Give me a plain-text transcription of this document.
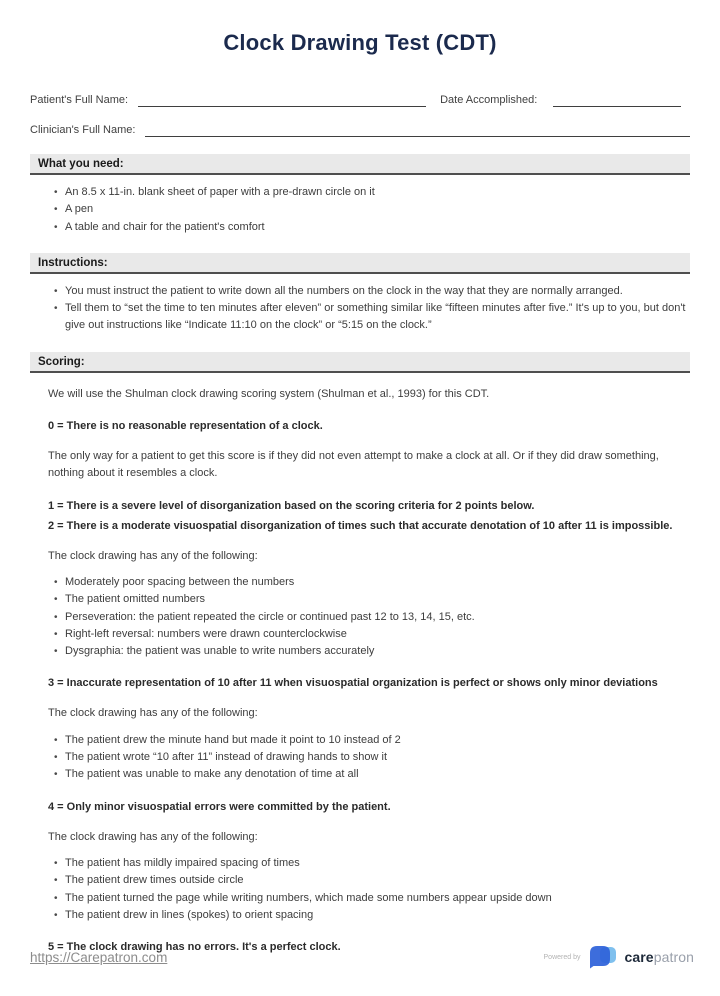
Clock Drawing Test (CDT)
Patient's Full Name:	Date Accomplished:
Clinician's Full Name:
What you need:
• An 8.5 x 11-in. blank sheet of paper with a pre-drawn circle on it
• A pen
• A table and chair for the patient's comfort
Instructions:
• You must instruct the patient to write down all the numbers on the clock in the way that they are normally arranged.
• Tell them to “set the time to ten minutes after eleven” or something similar like “fifteen minutes after five.” It's up to you, but don't give out instructions like “Indicate 11:10 on the clock” or “5:15 on the clock.”
Scoring:

We will use the Shulman clock drawing scoring system (Shulman et al., 1993) for this CDT.

0 = There is no reasonable representation of a clock.

The only way for a patient to get this score is if they did not even attempt to make a clock at all. Or if they did draw something, nothing about it resembles a clock.

1 = There is a severe level of disorganization based on the scoring criteria for 2 points below.

2 = There is a moderate visuospatial disorganization of times such that accurate denotation of 10 after 11 is impossible.

The clock drawing has any of the following:

• Moderately poor spacing between the numbers
• The patient omitted numbers
• Perseveration: the patient repeated the circle or continued past 12 to 13, 14, 15, etc.
• Right-left reversal: numbers were drawn counterclockwise
• Dysgraphia: the patient was unable to write numbers accurately

3 = Inaccurate representation of 10 after 11 when visuospatial organization is perfect or shows only minor deviations

The clock drawing has any of the following:

• The patient drew the minute hand but made it point to 10 instead of 2
• The patient wrote “10 after 11” instead of drawing hands to show it
• The patient was unable to make any denotation of time at all

4 = Only minor visuospatial errors were committed by the patient.

The clock drawing has any of the following:

• The patient has mildly impaired spacing of times
• The patient drew times outside circle
• The patient turned the page while writing numbers, which made some numbers appear upside down
• The patient drew in lines (spokes) to orient spacing

5 = The clock drawing has no errors. It's a perfect clock.

https://Carepatron.com	Powered by	carepatron
